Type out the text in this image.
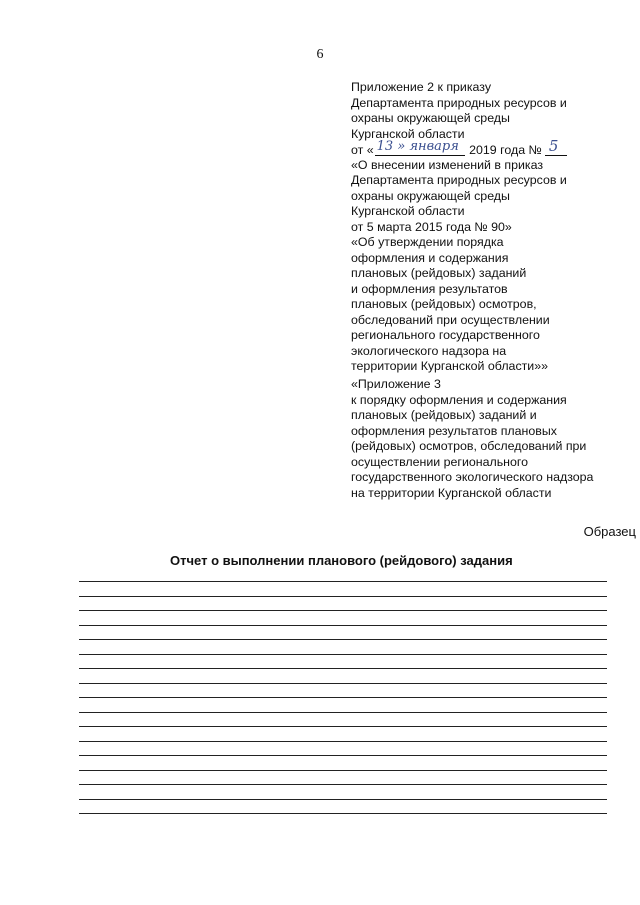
6
Приложение 2 к приказу
Департамента природных ресурсов и
охраны окружающей среды
Курганской области
от « 13 » января 2019 года № 5
«О внесении изменений в приказ
Департамента природных ресурсов и
охраны окружающей среды
Курганской области
от 5 марта 2015 года № 90»
«Об утверждении порядка
оформления и содержания
плановых (рейдовых) заданий
и оформления результатов
плановых (рейдовых) осмотров,
обследований при осуществлении
регионального государственного
экологического надзора на
территории Курганской области»»
«Приложение 3
к порядку оформления и содержания
плановых (рейдовых) заданий и
оформления результатов плановых
(рейдовых) осмотров, обследований при
осуществлении регионального
государственного экологического надзора
на территории Курганской области
Образец
Отчет о выполнении планового (рейдового) задания
